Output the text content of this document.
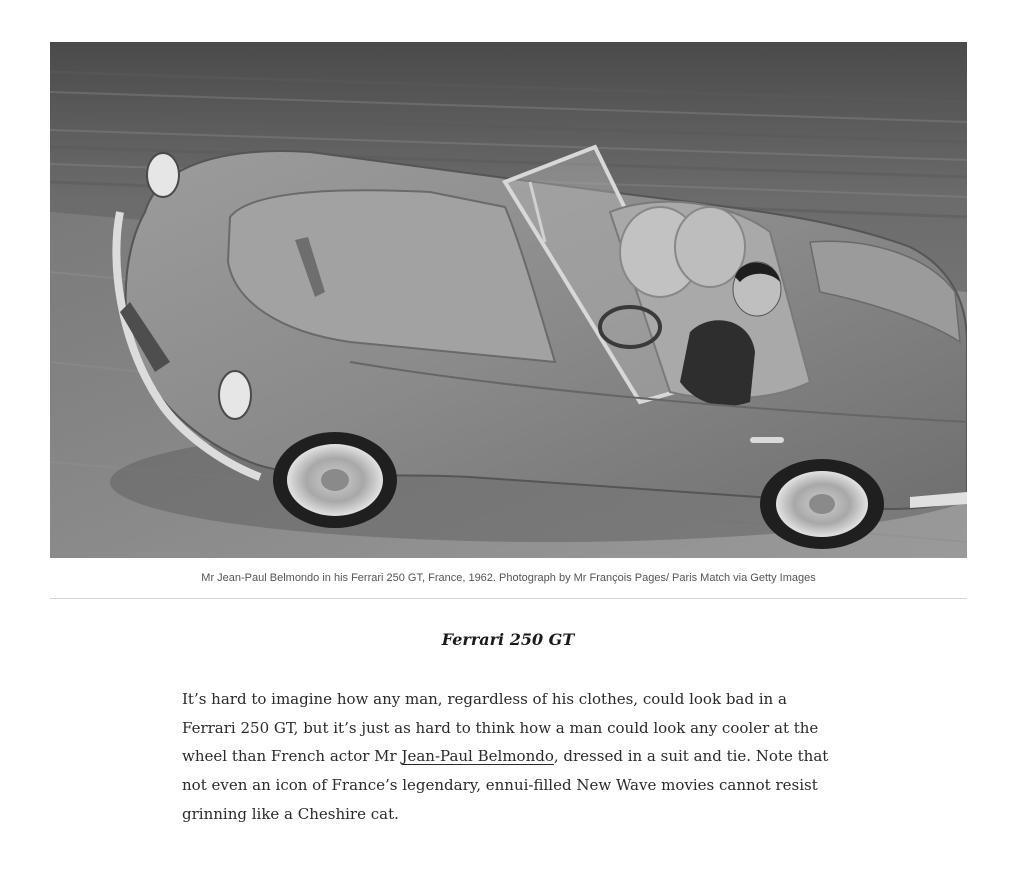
Mr Jean-Paul Belmondo in his Ferrari 250 GT, France, 1962. Photograph by Mr François Pages/ Paris Match via Getty Images
Ferrari 250 GT

It’s hard to imagine how any man, regardless of his clothes, could look bad in a Ferrari 250 GT, but it’s just as hard to think how a man could look any cooler at the wheel than French actor Mr Jean-Paul Belmondo, dressed in a suit and tie. Note that not even an icon of France’s legendary, ennui-filled New Wave movies cannot resist grinning like a Cheshire cat.
